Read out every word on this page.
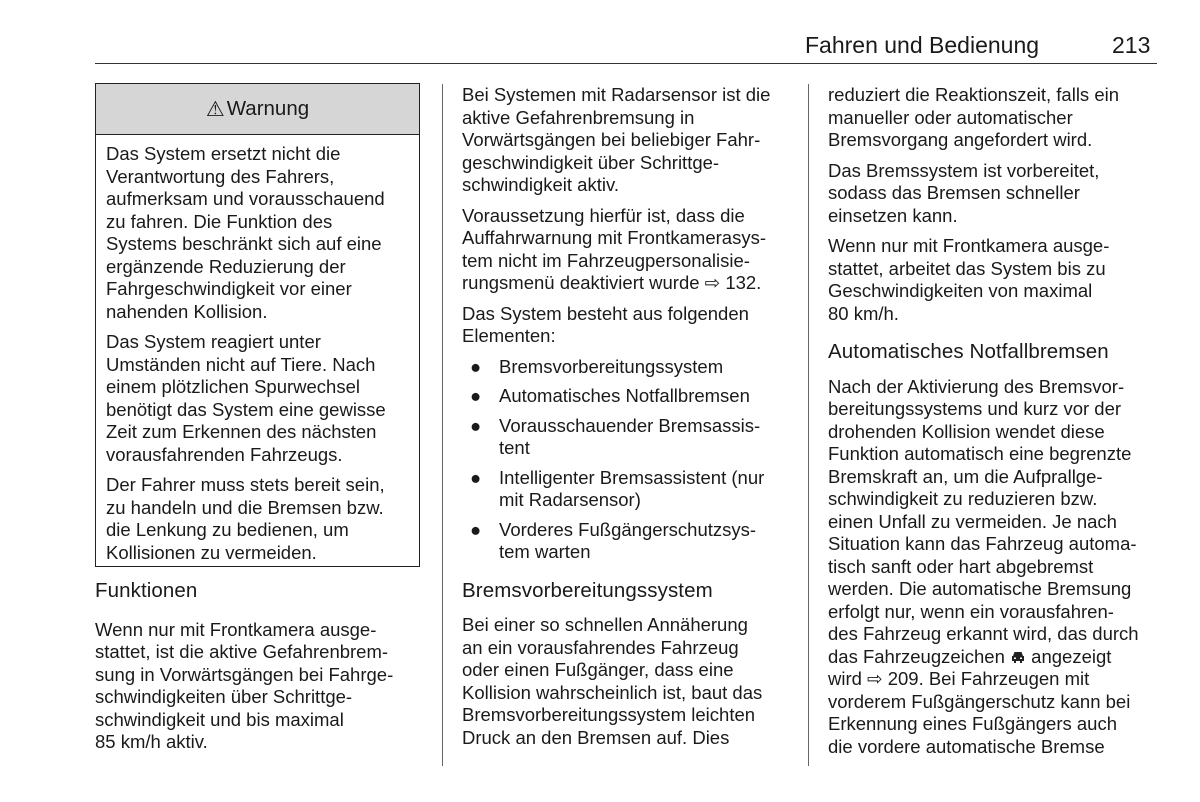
Fahren und Bedienung	213
⚠ Warnung

Das System ersetzt nicht die
Verantwortung des Fahrers,
aufmerksam und vorausschauend
zu fahren. Die Funktion des
Systems beschränkt sich auf eine
ergänzende Reduzierung der
Fahrgeschwindigkeit vor einer
nahenden Kollision.

Das System reagiert unter
Umständen nicht auf Tiere. Nach
einem plötzlichen Spurwechsel
benötigt das System eine gewisse
Zeit zum Erkennen des nächsten
vorausfahrenden Fahrzeugs.

Der Fahrer muss stets bereit sein,
zu handeln und die Bremsen bzw.
die Lenkung zu bedienen, um
Kollisionen zu vermeiden.

Funktionen

Wenn nur mit Frontkamera ausge-
stattet, ist die aktive Gefahrenbrem-
sung in Vorwärtsgängen bei Fahrge-
schwindigkeiten über Schrittge-
schwindigkeit und bis maximal
85 km/h aktiv.

Bei Systemen mit Radarsensor ist die
aktive Gefahrenbremsung in
Vorwärtsgängen bei beliebiger Fahr-
geschwindigkeit über Schrittge-
schwindigkeit aktiv.

Voraussetzung hierfür ist, dass die
Auffahrwarnung mit Frontkamerasys-
tem nicht im Fahrzeugpersonalisie-
rungsmenü deaktiviert wurde ⇨ 132.

Das System besteht aus folgenden
Elementen:

● Bremsvorbereitungssystem
● Automatisches Notfallbremsen
● Vorausschauender Bremsassis-
tent
● Intelligenter Bremsassistent (nur
mit Radarsensor)
● Vorderes Fußgängerschutzsys-
tem warten
Bremsvorbereitungssystem

Bei einer so schnellen Annäherung
an ein vorausfahrendes Fahrzeug
oder einen Fußgänger, dass eine
Kollision wahrscheinlich ist, baut das
Bremsvorbereitungssystem leichten
Druck an den Bremsen auf. Dies

reduziert die Reaktionszeit, falls ein
manueller oder automatischer
Bremsvorgang angefordert wird.

Das Bremssystem ist vorbereitet,
sodass das Bremsen schneller
einsetzen kann.

Wenn nur mit Frontkamera ausge-
stattet, arbeitet das System bis zu
Geschwindigkeiten von maximal
80 km/h.

Automatisches Notfallbremsen

Nach der Aktivierung des Bremsvor-
bereitungssystems und kurz vor der
drohenden Kollision wendet diese
Funktion automatisch eine begrenzte
Bremskraft an, um die Aufprallge-
schwindigkeit zu reduzieren bzw.
einen Unfall zu vermeiden. Je nach
Situation kann das Fahrzeug automa-
tisch sanft oder hart abgebremst
werden. Die automatische Bremsung
erfolgt nur, wenn ein vorausfahren-
des Fahrzeug erkannt wird, das durch
das Fahrzeugzeichen angezeigt
wird ⇨ 209. Bei Fahrzeugen mit
vorderem Fußgängerschutz kann bei
Erkennung eines Fußgängers auch
die vordere automatische Bremse
